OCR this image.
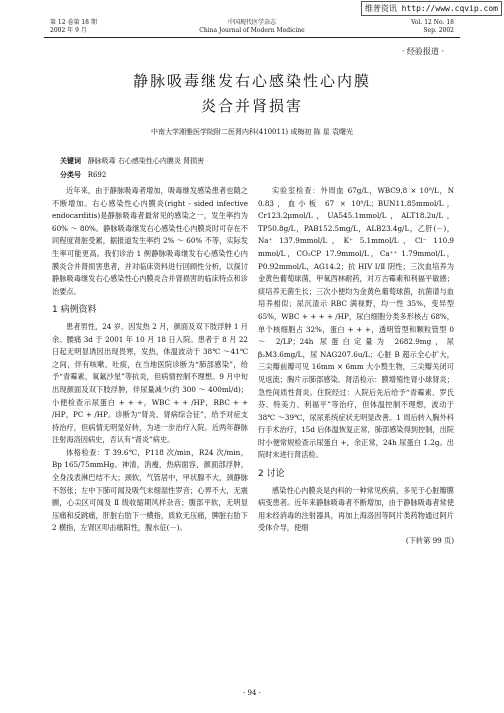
维普资讯 http://www.cqvip.com
第 12 卷第 18 期
2002 年 9 月
中国现代医学杂志
China Journal of Modern Medicine
Vol. 12 No. 18
Sep. 2002
· 经验报道 ·
静脉吸毒继发右心感染性心内膜
炎合并肾损害
中南大学湘雅医学院附二医肾内科(410011) 成梅初 陈 星 袁曙光
关键词 静脉吸毒 右心感染性心内膜炎 肾损害
分类号 R692

近年来，由于静脉吸毒者增加，吸毒继发感染患者也随之不断增加。右心感染性心内膜炎(right - sided infective endocarditis)是静脉吸毒者最常见的感染之一，发生率约为 60% ～ 80%。静脉吸毒继发右心感染性心内膜炎时可存在不同程度肾脏受累，据报道发生率约 2% ～ 60% 不等，实际发生率可能更高。我们诊治 1 例静脉吸毒继发右心感染性心内膜炎合并肾损害患者，并对临床资料进行回顾性分析，以探讨静脉吸毒继发右心感染性心内膜炎合并肾损害的临床特点和诊治要点。

1 病例资料

患者男性，24 岁。因发热 2 月，颜面及双下肢浮肿 1 月余、腰痛 3d 于 2001 年 10 月 18 日入院。患者于 8 月 22 日起无明显诱因出现畏寒，发热，体温波动于 38℃ ～41℃之间，伴有咳嗽、吐痰，在当地医院诊断为“肺部感染”，给予“青霉素，氧氟沙星”等抗炎，但病情控制不理想。9 月中旬出现颜面及双下肢浮肿，伴尿量减少(约 300 ～ 400ml/d)；小便检查示尿蛋白 + + +，WBC + + /HP，RBC + + /HP，PC + /HP。诊断为“肾炎、肾病综合征”，给予对症支持治疗，但病情无明显好转，为进一步治疗入院。近两年静脉注射海洛因病史，否认有“肾炎”病史。

体格检查：T 39.6℃，P118 次/min，R24 次/min，Bp 165/75mmHg。神清，消瘦，热病面容，颜面部浮肿，全身浅表淋巴结不大；颈软，气管居中，甲状腺不大，颈静脉不怒张；左中下肺可闻及吸气末细湿性罗音；心界不大，无震颤，心尖区可闻及 Ⅱ 级收缩期风样杂音；腹部平软，无明显压痛和反跳痛，肝脏右肋下一横指，质软无压痛，脾脏右肋下 2 横指，左肾区叩击痛阳性，腹水征(－)。

实验室检查：外周血 67g/L，WBC9.8 × 10⁹/L，N 0.83，血小板 67 × 10⁹/L；BUN11.85mmol/L，Cr123.2μmol/L，UA545.1mmol/L，ALT18.2u/L，TP50.8g/L，PAB152.5mg/L，ALB23.4g/L，乙肝(－)，Na⁺ 137.9mmol/L，K⁺ 5.1mmol/L，Cl⁻ 110.9 mmol/L，CO₂CP 17.9mmol/L，Ca⁺⁺ 1.79mmol/L，P0.92mmol/L，AG14.2；抗 HIV Ⅰ/Ⅱ 阴性；三次血培养为金黄色葡萄球菌，甲氧西林耐药，对万古霉素和利福平敏感；痰培养无菌生长；三次小便均为金黄色葡萄球菌，抗菌谱与血培养相似；尿沉渣示 RBC 满视野，均一性 35%，变异型 65%，WBC + + + + /HP，尿白细胞分类多形核占 68%，单个核细胞占 32%，蛋白 + + +，透明管型和颗粒管型 0 ～ 2/LP；24h 尿蛋白定量为 2682.9mg，尿 β₂M3.6mg/L，尿 NAG207.6u/L；心脏 B 超示全心扩大，三尖瓣前瓣可见 16mm × 6mm 大小赘生物，三尖瓣关闭可见返流；胸片示肺部感染。肾活检示：膜增殖性肾小球肾炎；急性间质性肾炎。住院经过：入院后先后给予“青霉素、罗氏芬、特美力、利福平”等治疗，但体温控制不理想，波动于 38℃ ～39℃，尿尿系统症状无明显改善。1 周后转入胸外科行手术治疗，15d 后体温恢复正常，肺部感染得到控制，出院时小便常规检查示尿蛋白 +，余正常，24h 尿蛋白 1.2g。出院时未进行肾活检。

2 讨论

感染性心内膜炎是内科的一种常见疾病，多见于心脏瓣膜病变患者。近年来静脉吸毒者不断增加，由于静脉吸毒者常使用未经消毒的注射器具，再加上海洛因等阿片类药物通过阿片受体介导，使细

(下转第 99 页)
· 94 ·
